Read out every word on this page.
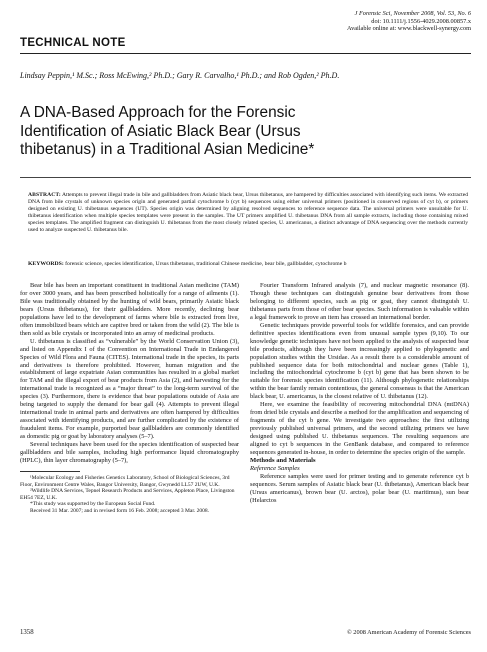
J Forensic Sci, November 2008, Vol. 53, No. 6
doi: 10.1111/j.1556-4029.2008.00857.x
Available online at: www.blackwell-synergy.com
TECHNICAL NOTE
Lindsay Peppin,¹ M.Sc.; Ross McEwing,² Ph.D.; Gary R. Carvalho,¹ Ph.D.; and Rob Ogden,² Ph.D.
A DNA-Based Approach for the Forensic
Identification of Asiatic Black Bear (Ursus
thibetanus) in a Traditional Asian Medicine*
ABSTRACT: Attempts to prevent illegal trade in bile and gallbladders from Asiatic black bear, Ursus thibetanus, are hampered by difficulties associated with identifying such items. We extracted DNA from bile crystals of unknown species origin and generated partial cytochrome b (cyt b) sequences using either universal primers (positioned in conserved regions of cyt b), or primers designed on existing U. thibetanus sequences (UT). Species origin was determined by aligning resolved sequences to reference sequence data. The universal primers were unsuitable for U. thibetanus identification when multiple species templates were present in the samples. The UT primers amplified U. thibetanus DNA from all sample extracts, including those containing mixed species templates. The amplified fragment can distinguish U. thibetanus from the most closely related species, U. americanus, a distinct advantage of DNA sequencing over the methods currently used to analyze suspected U. thibetanus bile.
KEYWORDS: forensic science, species identification, Ursus thibetanus, traditional Chinese medicine, bear bile, gallbladder, cytochrome b

Bear bile has been an important constituent in traditional Asian medicine (TAM) for over 3000 years, and has been prescribed holistically for a range of ailments (1). Bile was traditionally obtained by the hunting of wild bears, primarily Asiatic black bears (Ursus thibetanus), for their gallbladders. More recently, declining bear populations have led to the development of farms where bile is extracted from live, often immobilized bears which are captive bred or taken from the wild (2). The bile is then sold as bile crystals or incorporated into an array of medicinal products.

U. thibetanus is classified as “vulnerable” by the World Conservation Union (3), and listed on Appendix I of the Convention on International Trade in Endangered Species of Wild Flora and Fauna (CITES). International trade in the species, its parts and derivatives is therefore prohibited. However, human migration and the establishment of large expatriate Asian communities has resulted in a global market for TAM and the illegal export of bear products from Asia (2), and harvesting for the international trade is recognized as a “major threat” to the long-term survival of the species (3). Furthermore, there is evidence that bear populations outside of Asia are being targeted to supply the demand for bear gall (4). Attempts to prevent illegal international trade in animal parts and derivatives are often hampered by difficulties associated with identifying products, and are further complicated by the existence of fraudulent items. For example, purported bear gallbladders are commonly identified as domestic pig or goat by laboratory analyses (5–7).

Several techniques have been used for the species identification of suspected bear gallbladders and bile samples, including high performance liquid chromatography (HPLC), thin layer chromatography (5–7),

¹Molecular Ecology and Fisheries Genetics Laboratory, School of Biological Sciences, 3rd Floor, Environment Centre Wales, Bangor University, Bangor, Gwynedd LL57 2UW, U.K.

²Wildlife DNA Services, Tepnel Research Products and Services, Appleton Place, Livingston EH54 7EZ, U.K.

*This study was supported by the European Social Fund.

Received 31 Mar. 2007; and in revised form 16 Feb. 2008; accepted 3 Mar. 2008.

Fourier Transform Infrared analysis (7), and nuclear magnetic resonance (8). Though these techniques can distinguish genuine bear derivatives from those belonging to different species, such as pig or goat, they cannot distinguish U. thibetanus parts from those of other bear species. Such information is valuable within a legal framework to prove an item has crossed an international border.

Genetic techniques provide powerful tools for wildlife forensics, and can provide definitive species identifications even from unusual sample types (9,10). To our knowledge genetic techniques have not been applied to the analysis of suspected bear bile products, although they have been increasingly applied to phylogenetic and population studies within the Ursidae. As a result there is a considerable amount of published sequence data for both mitochondrial and nuclear genes (Table 1), including the mitochondrial cytochrome b (cyt b) gene that has been shown to be suitable for forensic species identification (11). Although phylogenetic relationships within the bear family remain contentious, the general consensus is that the American black bear, U. americanus, is the closest relative of U. thibetanus (12).

Here, we examine the feasibility of recovering mitochondrial DNA (mtDNA) from dried bile crystals and describe a method for the amplification and sequencing of fragments of the cyt b gene. We investigate two approaches: the first utilizing previously published universal primers, and the second utilizing primers we have designed using published U. thibetanus sequences. The resulting sequences are aligned to cyt b sequences in the GenBank database, and compared to reference sequences generated in-house, in order to determine the species origin of the sample.

Methods and Materials

Reference Samples

Reference samples were used for primer testing and to generate reference cyt b sequences. Serum samples of Asiatic black bear (U. thibetanus), American black bear (Ursus americanus), brown bear (U. arctos), polar bear (U. maritimus), sun bear (Helarctos

1358	© 2008 American Academy of Forensic Sciences
